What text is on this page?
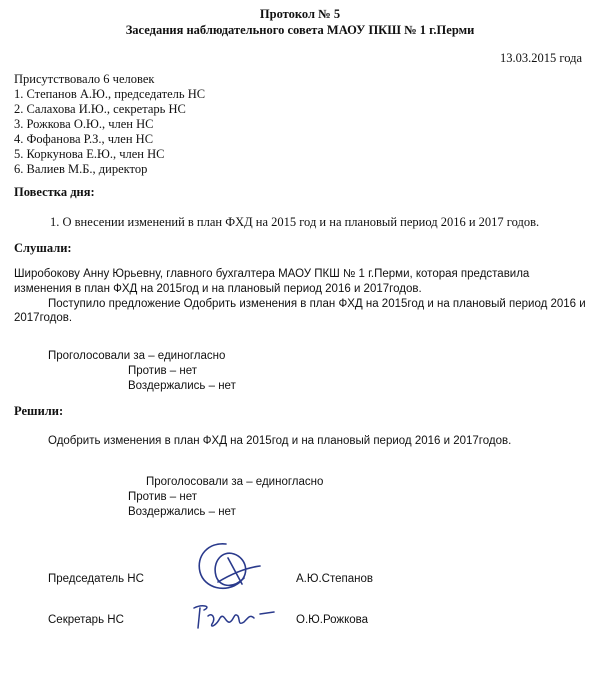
Протокол № 5
Заседания наблюдательного совета МАОУ ПКШ № 1 г.Перми
13.03.2015 года
Присутствовало 6 человек
1. Степанов А.Ю., председатель НС
2. Салахова И.Ю., секретарь НС
3. Рожкова О.Ю., член НС
4. Фофанова Р.З., член НС
5. Коркунова Е.Ю., член НС
6. Валиев М.Б., директор
Повестка дня:
1. О внесении изменений в план ФХД на 2015 год и на плановый период 2016 и 2017 годов.
Слушали:
Широбокову Анну Юрьевну, главного бухгалтера МАОУ ПКШ № 1 г.Перми, которая представила
изменения в план ФХД на 2015год и на плановый период 2016 и 2017годов.
Поступило предложение Одобрить изменения в план ФХД на 2015год и на плановый период 2016 и
2017годов.
Проголосовали за – единогласно
Против – нет
Воздержались – нет
Решили:
Одобрить изменения в план ФХД на 2015год и на плановый период 2016 и 2017годов.
Проголосовали за – единогласно
Против – нет
Воздержались – нет
Председатель НС	А.Ю.Степанов
Секретарь НС	О.Ю.Рожкова
